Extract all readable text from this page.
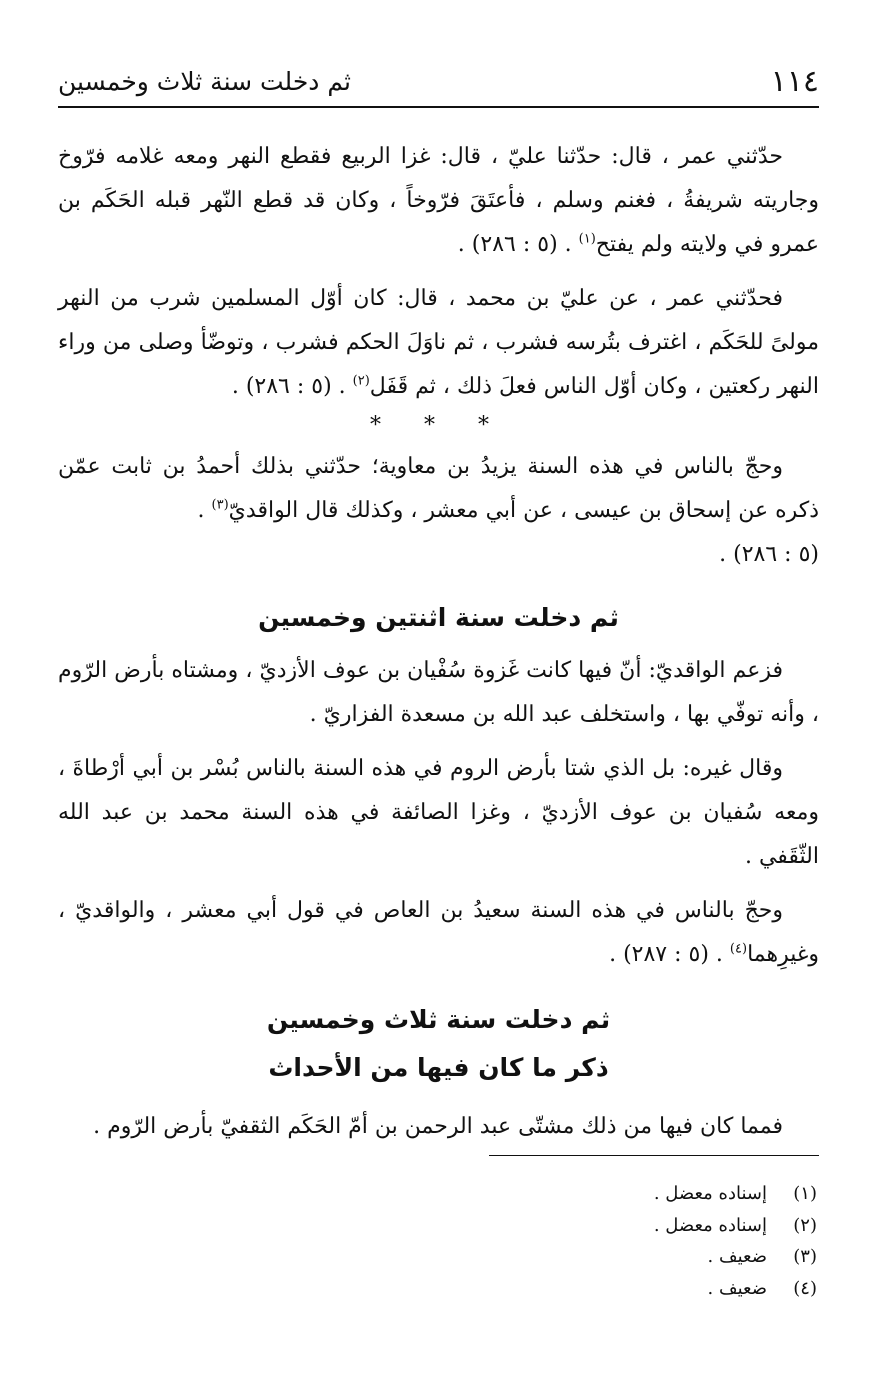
١١٤
ثم دخلت سنة ثلاث وخمسين

حدّثني عمر ، قال: حدّثنا عليّ ، قال: غزا الربيع فقطع النهر ومعه غلامه فرّوخ وجاريته شريفةُ ، فغنم وسلم ، فأعتَقَ فرّوخاً ، وكان قد قطع النّهر قبله الحَكَم بن عمرو في ولايته ولم يفتح$^{(١)}$ . (٥ : ٢٨٦) .

فحدّثني عمر ، عن عليّ بن محمد ، قال: كان أوّل المسلمين شرب من النهر مولىً للحَكَم ، اغترف بتُرسه فشرب ، ثم ناوَلَ الحكم فشرب ، وتوضّأ وصلى من وراء النهر ركعتين ، وكان أوّل الناس فعلَ ذلك ، ثم قَفَل$^{(٢)}$ . (٥ : ٢٨٦) .

* * *

وحجّ بالناس في هذه السنة يزيدُ بن معاوية؛ حدّثني بذلك أحمدُ بن ثابت عمّن ذكره عن إسحاق بن عيسى ، عن أبي معشر ، وكذلك قال الواقديّ$^{(٣)}$ .

(٥ : ٢٨٦) .

ثم دخلت سنة اثنتين وخمسين

فزعم الواقديّ: أنّ فيها كانت غَزوة سُفْيان بن عوف الأزديّ ، ومشتاه بأرض الرّوم ، وأنه توفّي بها ، واستخلف عبد الله بن مسعدة الفزاريّ .

وقال غيره: بل الذي شتا بأرض الروم في هذه السنة بالناس بُسْر بن أبي أرْطاةَ ، ومعه سُفيان بن عوف الأزديّ ، وغزا الصائفة في هذه السنة محمد بن عبد الله الثّقَفي .

وحجّ بالناس في هذه السنة سعيدُ بن العاص في قول أبي معشر ، والواقديّ ، وغيرِهما$^{(٤)}$ . (٥ : ٢٨٧) .

ثم دخلت سنة ثلاث وخمسين
ذكر ما كان فيها من الأحداث

فمما كان فيها من ذلك مشتّى عبد الرحمن بن أمّ الحَكَم الثقفيّ بأرض الرّوم .

(١)إسناده معضل .
(٢)إسناده معضل .
(٣)ضعيف .
(٤)ضعيف .
